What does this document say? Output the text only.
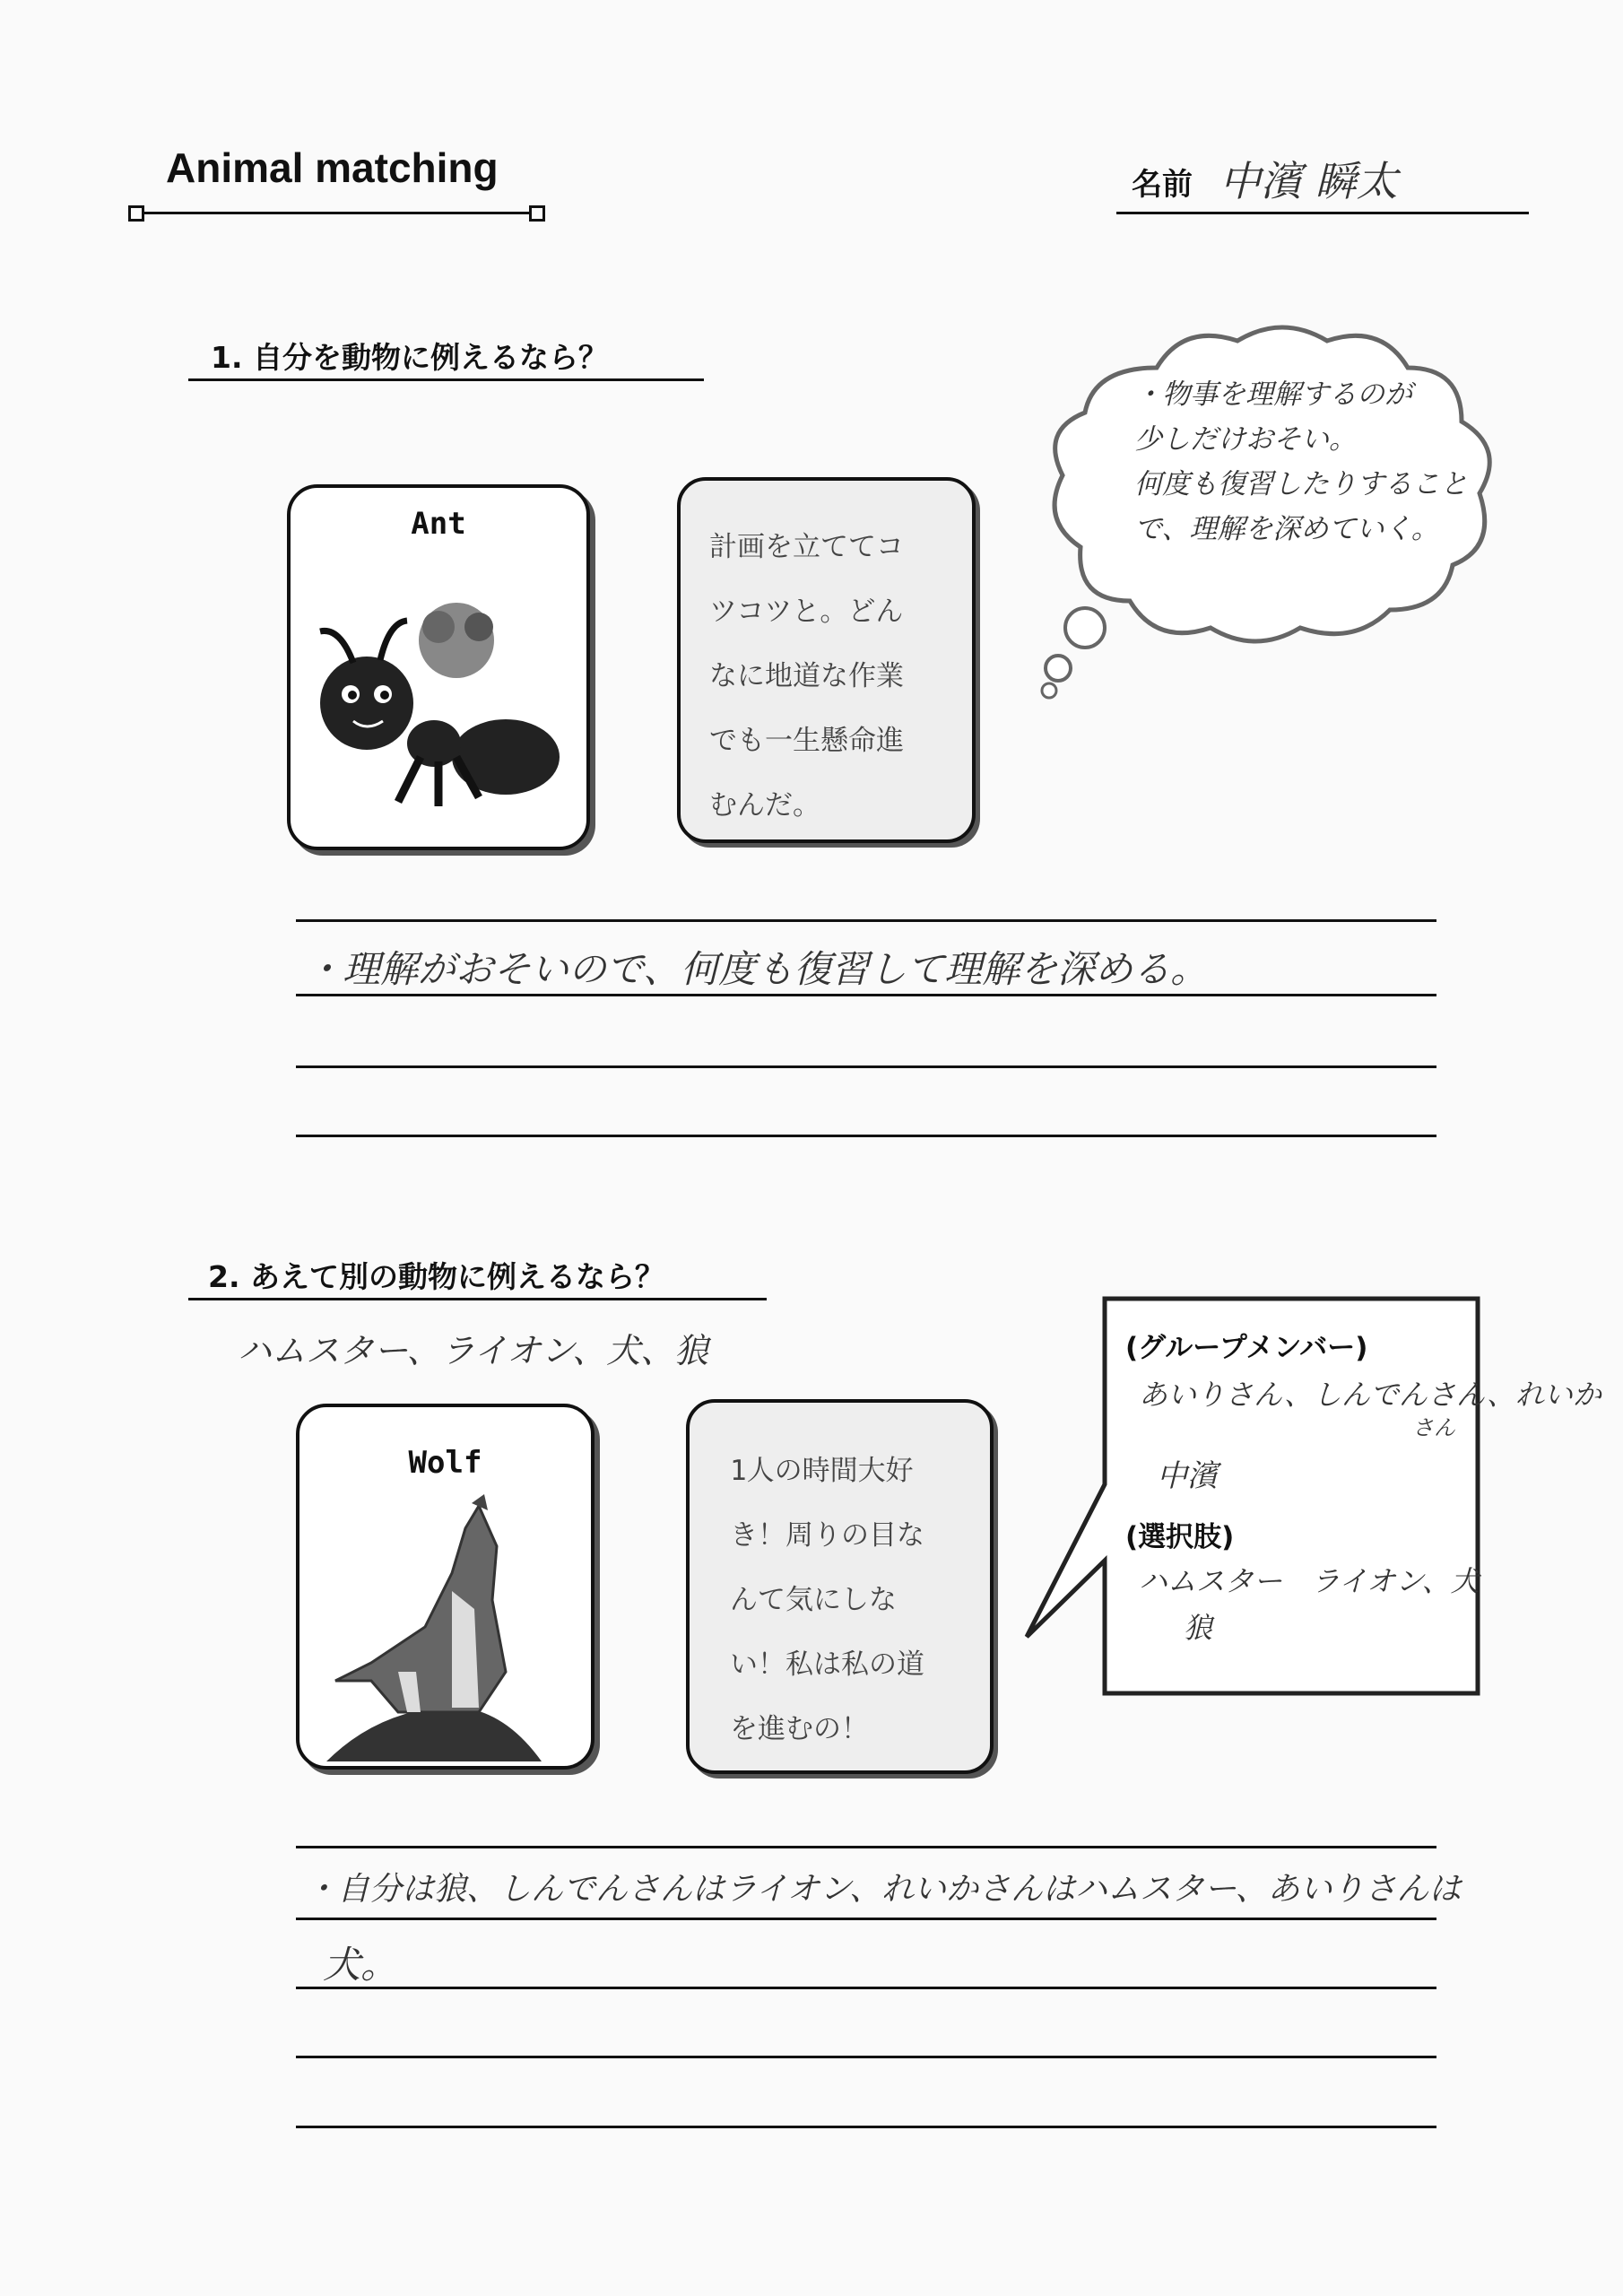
Animal matching	名前 中濱 瞬太
1. 自分を動物に例えるなら？
Ant
計画を立ててコ
ツコツと。どん
なに地道な作業
でも一生懸命進
むんだ。
・物事を理解するのが
少しだけおそい。
何度も復習したりすること
で、理解を深めていく。
・理解がおそいので、何度も復習して理解を深める。
2. あえて別の動物に例えるなら？
ハムスター、ライオン、犬、狼
Wolf	1人の時間大好
き！周りの目な
んて気にしな
い！私は私の道
を進むの！
(グループメンバー)
あいりさん、しんでんさん、れいか
さん
中濱
(選択肢)
ハムスター　ライオン、犬
狼
・自分は狼、しんでんさんはライオン、れいかさんはハムスター、あいりさんは
犬。
